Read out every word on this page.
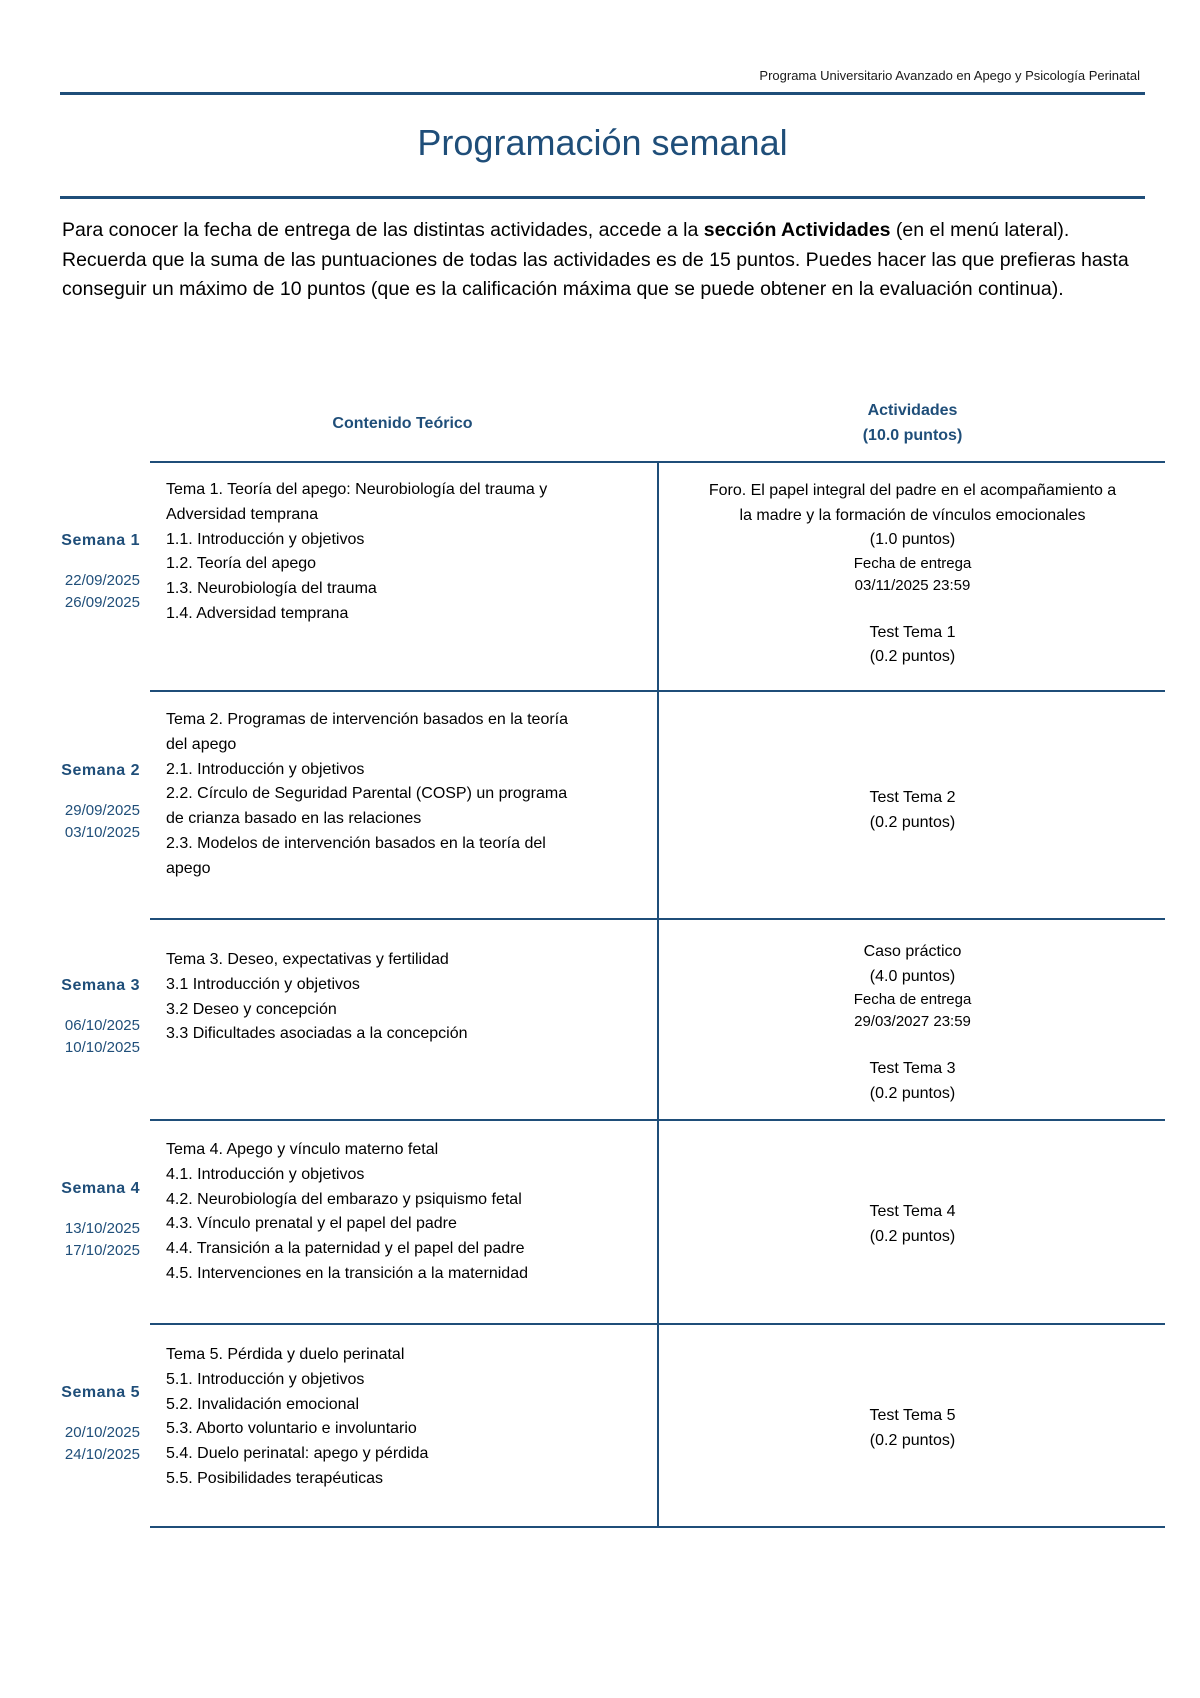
Programa Universitario Avanzado en Apego y Psicología Perinatal
Programación semanal
Para conocer la fecha de entrega de las distintas actividades, accede a la sección Actividades (en el menú lateral). Recuerda que la suma de las puntuaciones de todas las actividades es de 15 puntos. Puedes hacer las que prefieras hasta conseguir un máximo de 10 puntos (que es la calificación máxima que se puede obtener en la evaluación continua).
Contenido Teórico
Actividades
(10.0 puntos)
Semana 1
22/09/2025
26/09/2025
Tema 1. Teoría del apego: Neurobiología del trauma y
Adversidad temprana
1.1. Introducción y objetivos
1.2. Teoría del apego
1.3. Neurobiología del trauma
1.4. Adversidad temprana
Foro. El papel integral del padre en el acompañamiento a
la madre y la formación de vínculos emocionales
(1.0 puntos)
Fecha de entrega
03/11/2025 23:59
Test Tema 1
(0.2 puntos)
Semana 2
29/09/2025
03/10/2025
Tema 2. Programas de intervención basados en la teoría
del apego
2.1. Introducción y objetivos
2.2. Círculo de Seguridad Parental (COSP) un programa
de crianza basado en las relaciones
2.3. Modelos de intervención basados en la teoría del
apego
Test Tema 2
(0.2 puntos)
Semana 3
06/10/2025
10/10/2025
Tema 3. Deseo, expectativas y fertilidad
3.1 Introducción y objetivos
3.2 Deseo y concepción
3.3 Dificultades asociadas a la concepción
Caso práctico
(4.0 puntos)
Fecha de entrega
29/03/2027 23:59
Test Tema 3
(0.2 puntos)
Semana 4
13/10/2025
17/10/2025
Tema 4. Apego y vínculo materno fetal
4.1. Introducción y objetivos
4.2. Neurobiología del embarazo y psiquismo fetal
4.3. Vínculo prenatal y el papel del padre
4.4. Transición a la paternidad y el papel del padre
4.5. Intervenciones en la transición a la maternidad
Test Tema 4
(0.2 puntos)
Semana 5
20/10/2025
24/10/2025
Tema 5. Pérdida y duelo perinatal
5.1. Introducción y objetivos
5.2. Invalidación emocional
5.3. Aborto voluntario e involuntario
5.4. Duelo perinatal: apego y pérdida
5.5. Posibilidades terapéuticas
Test Tema 5
(0.2 puntos)
